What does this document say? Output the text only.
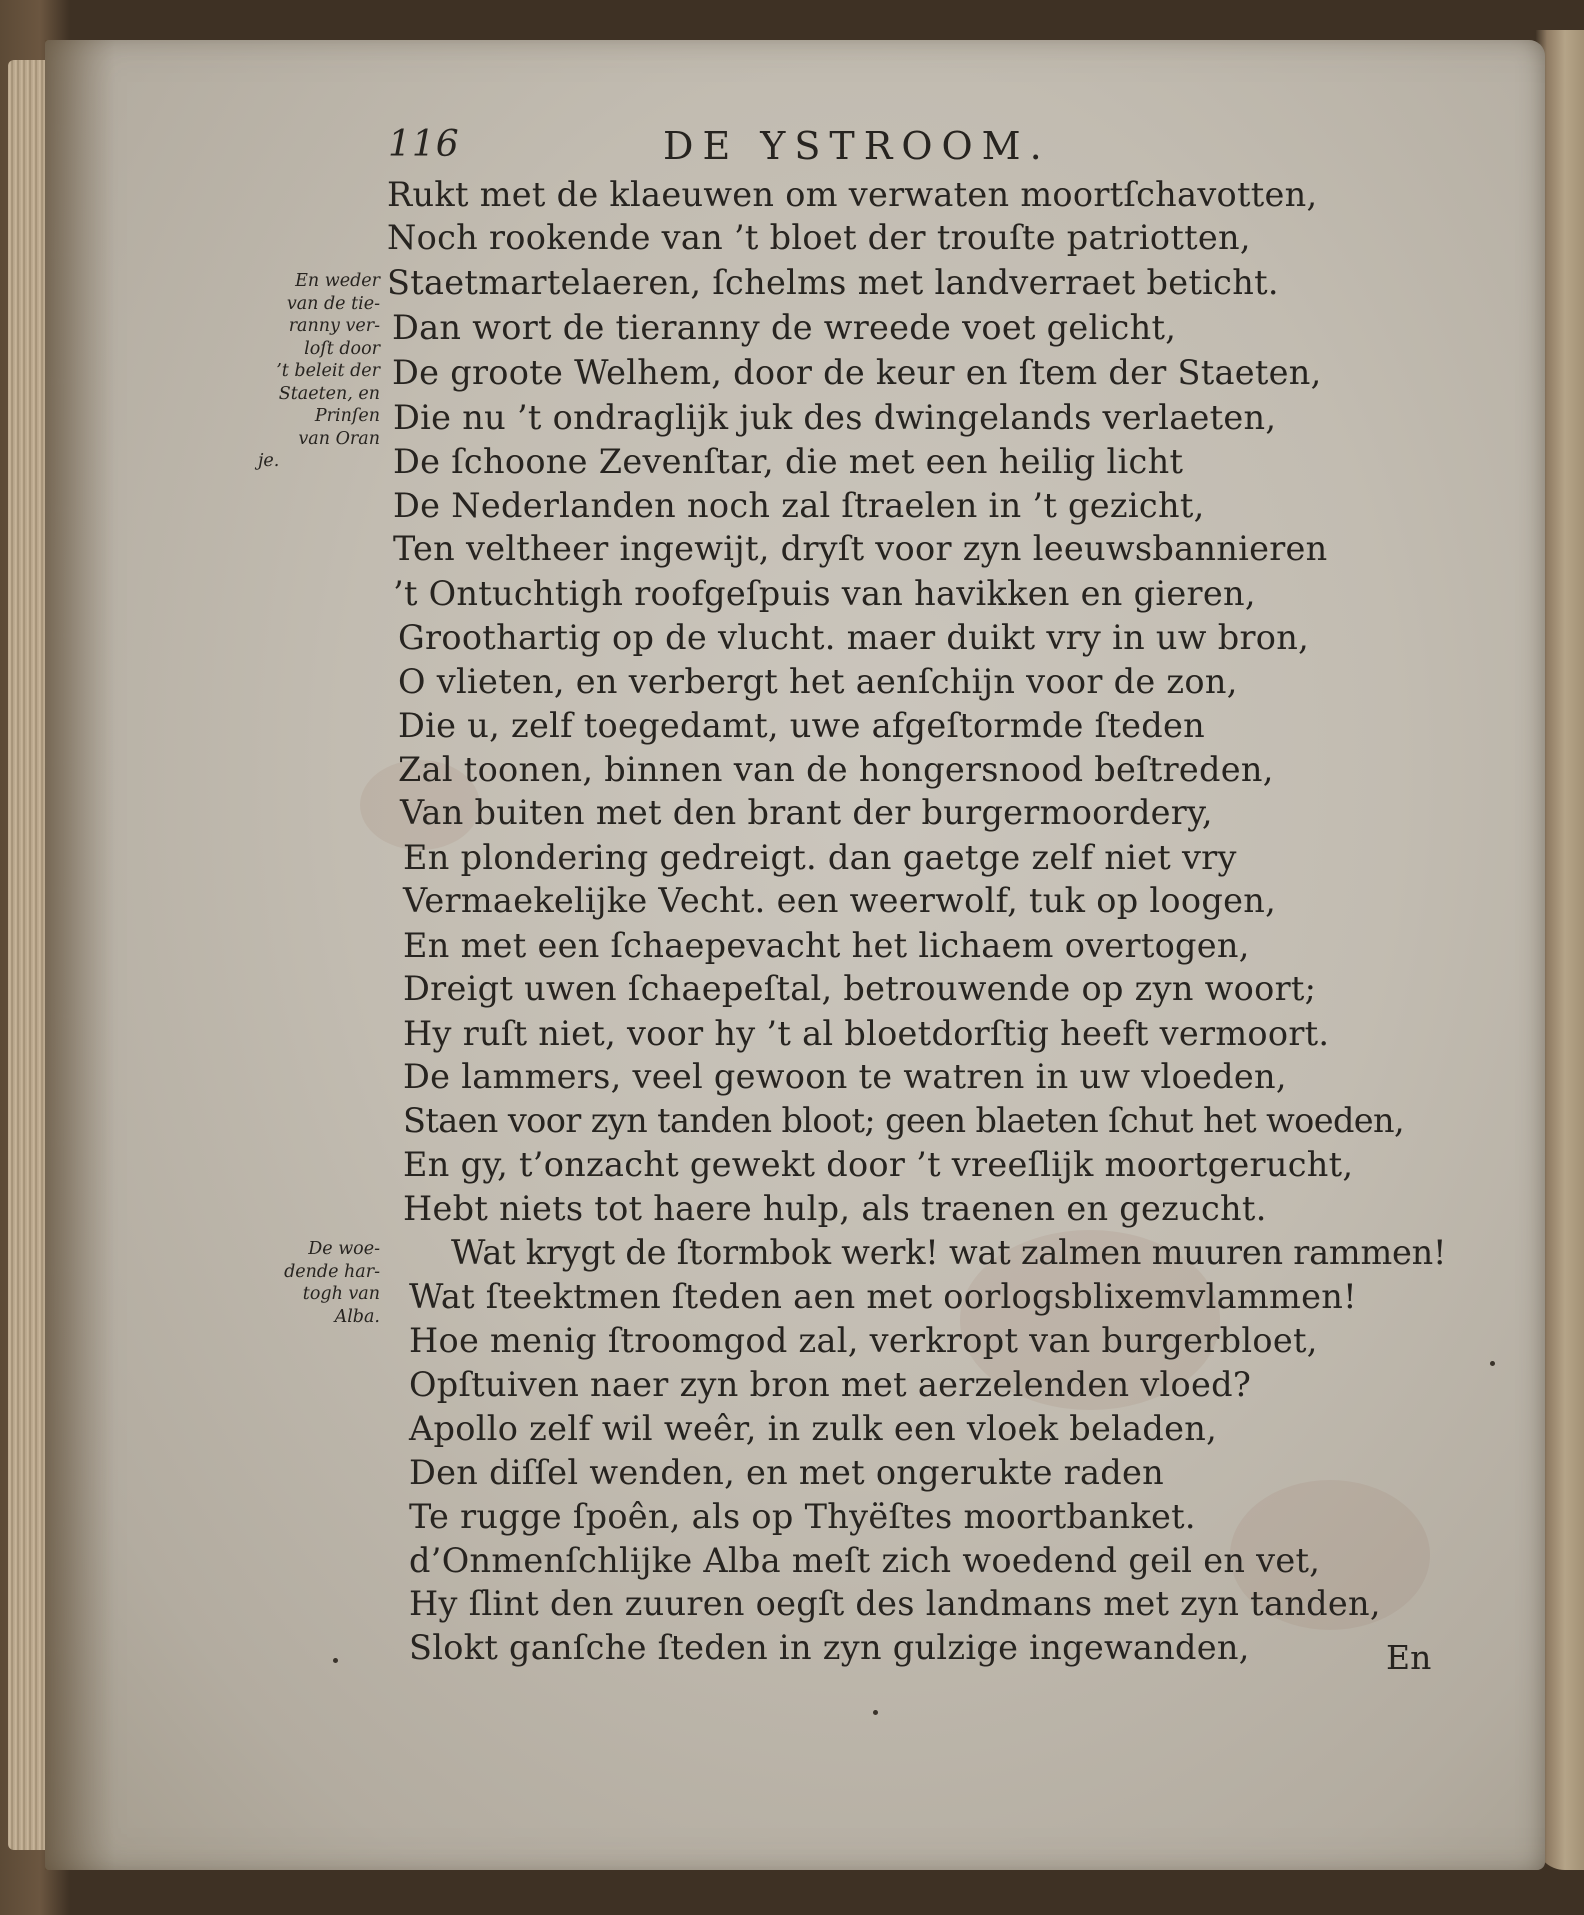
116	DE YSTROOM.
Rukt met de klaeuwen om verwaten moortſchavotten,
Noch rookende van ’t bloet der trouſte patriotten,
Staetmartelaeren, ſchelms met landverraet beticht.
Dan wort de tieranny de wreede voet gelicht,
De groote Welhem, door de keur en ſtem der Staeten,
Die nu ’t ondraglijk juk des dwingelands verlaeten,
De ſchoone Zevenſtar, die met een heilig licht
De Nederlanden noch zal ſtraelen in ’t gezicht,
Ten veltheer ingewijt, dryſt voor zyn leeuwsbannieren
’t Ontuchtigh roofgeſpuis van havikken en gieren,
Groothartig op de vlucht. maer duikt vry in uw bron,
O vlieten, en verbergt het aenſchijn voor de zon,
Die u, zelf toegedamt, uwe afgeſtormde ſteden
Zal toonen, binnen van de hongersnood beſtreden,
Van buiten met den brant der burgermoordery,
En plondering gedreigt. dan gaetge zelf niet vry
Vermaekelijke Vecht. een weerwolf, tuk op loogen,
En met een ſchaepevacht het lichaem overtogen,
Dreigt uwen ſchaepeſtal, betrouwende op zyn woort;
Hy ruſt niet, voor hy ’t al bloetdorſtig heeft vermoort.
De lammers, veel gewoon te watren in uw vloeden,
Staen voor zyn tanden bloot; geen blaeten ſchut het woeden,
En gy, t’onzacht gewekt door ’t vreeſlijk moortgerucht,
Hebt niets tot haere hulp, als traenen en gezucht.
Wat krygt de ſtormbok werk! wat zalmen muuren rammen!
Wat ſteektmen ſteden aen met oorlogsblixemvlammen!
Hoe menig ſtroomgod zal, verkropt van burgerbloet,
Opſtuiven naer zyn bron met aerzelenden vloed?
Apollo zelf wil weêr, in zulk een vloek beladen,
Den diſſel wenden, en met ongerukte raden
Te rugge ſpoên, als op Thyëſtes moortbanket.
d’Onmenſchlijke Alba meſt zich woedend geil en vet,
Hy ſlint den zuuren oegſt des landmans met zyn tanden,
Slokt ganſche ſteden in zyn gulzige ingewanden,
En weder
van de tie-
ranny ver-
loſt door
’t beleit der
Staeten, en
Prinſen
van Oran
je.
De woe-
dende har-
togh van
Alba.
En
